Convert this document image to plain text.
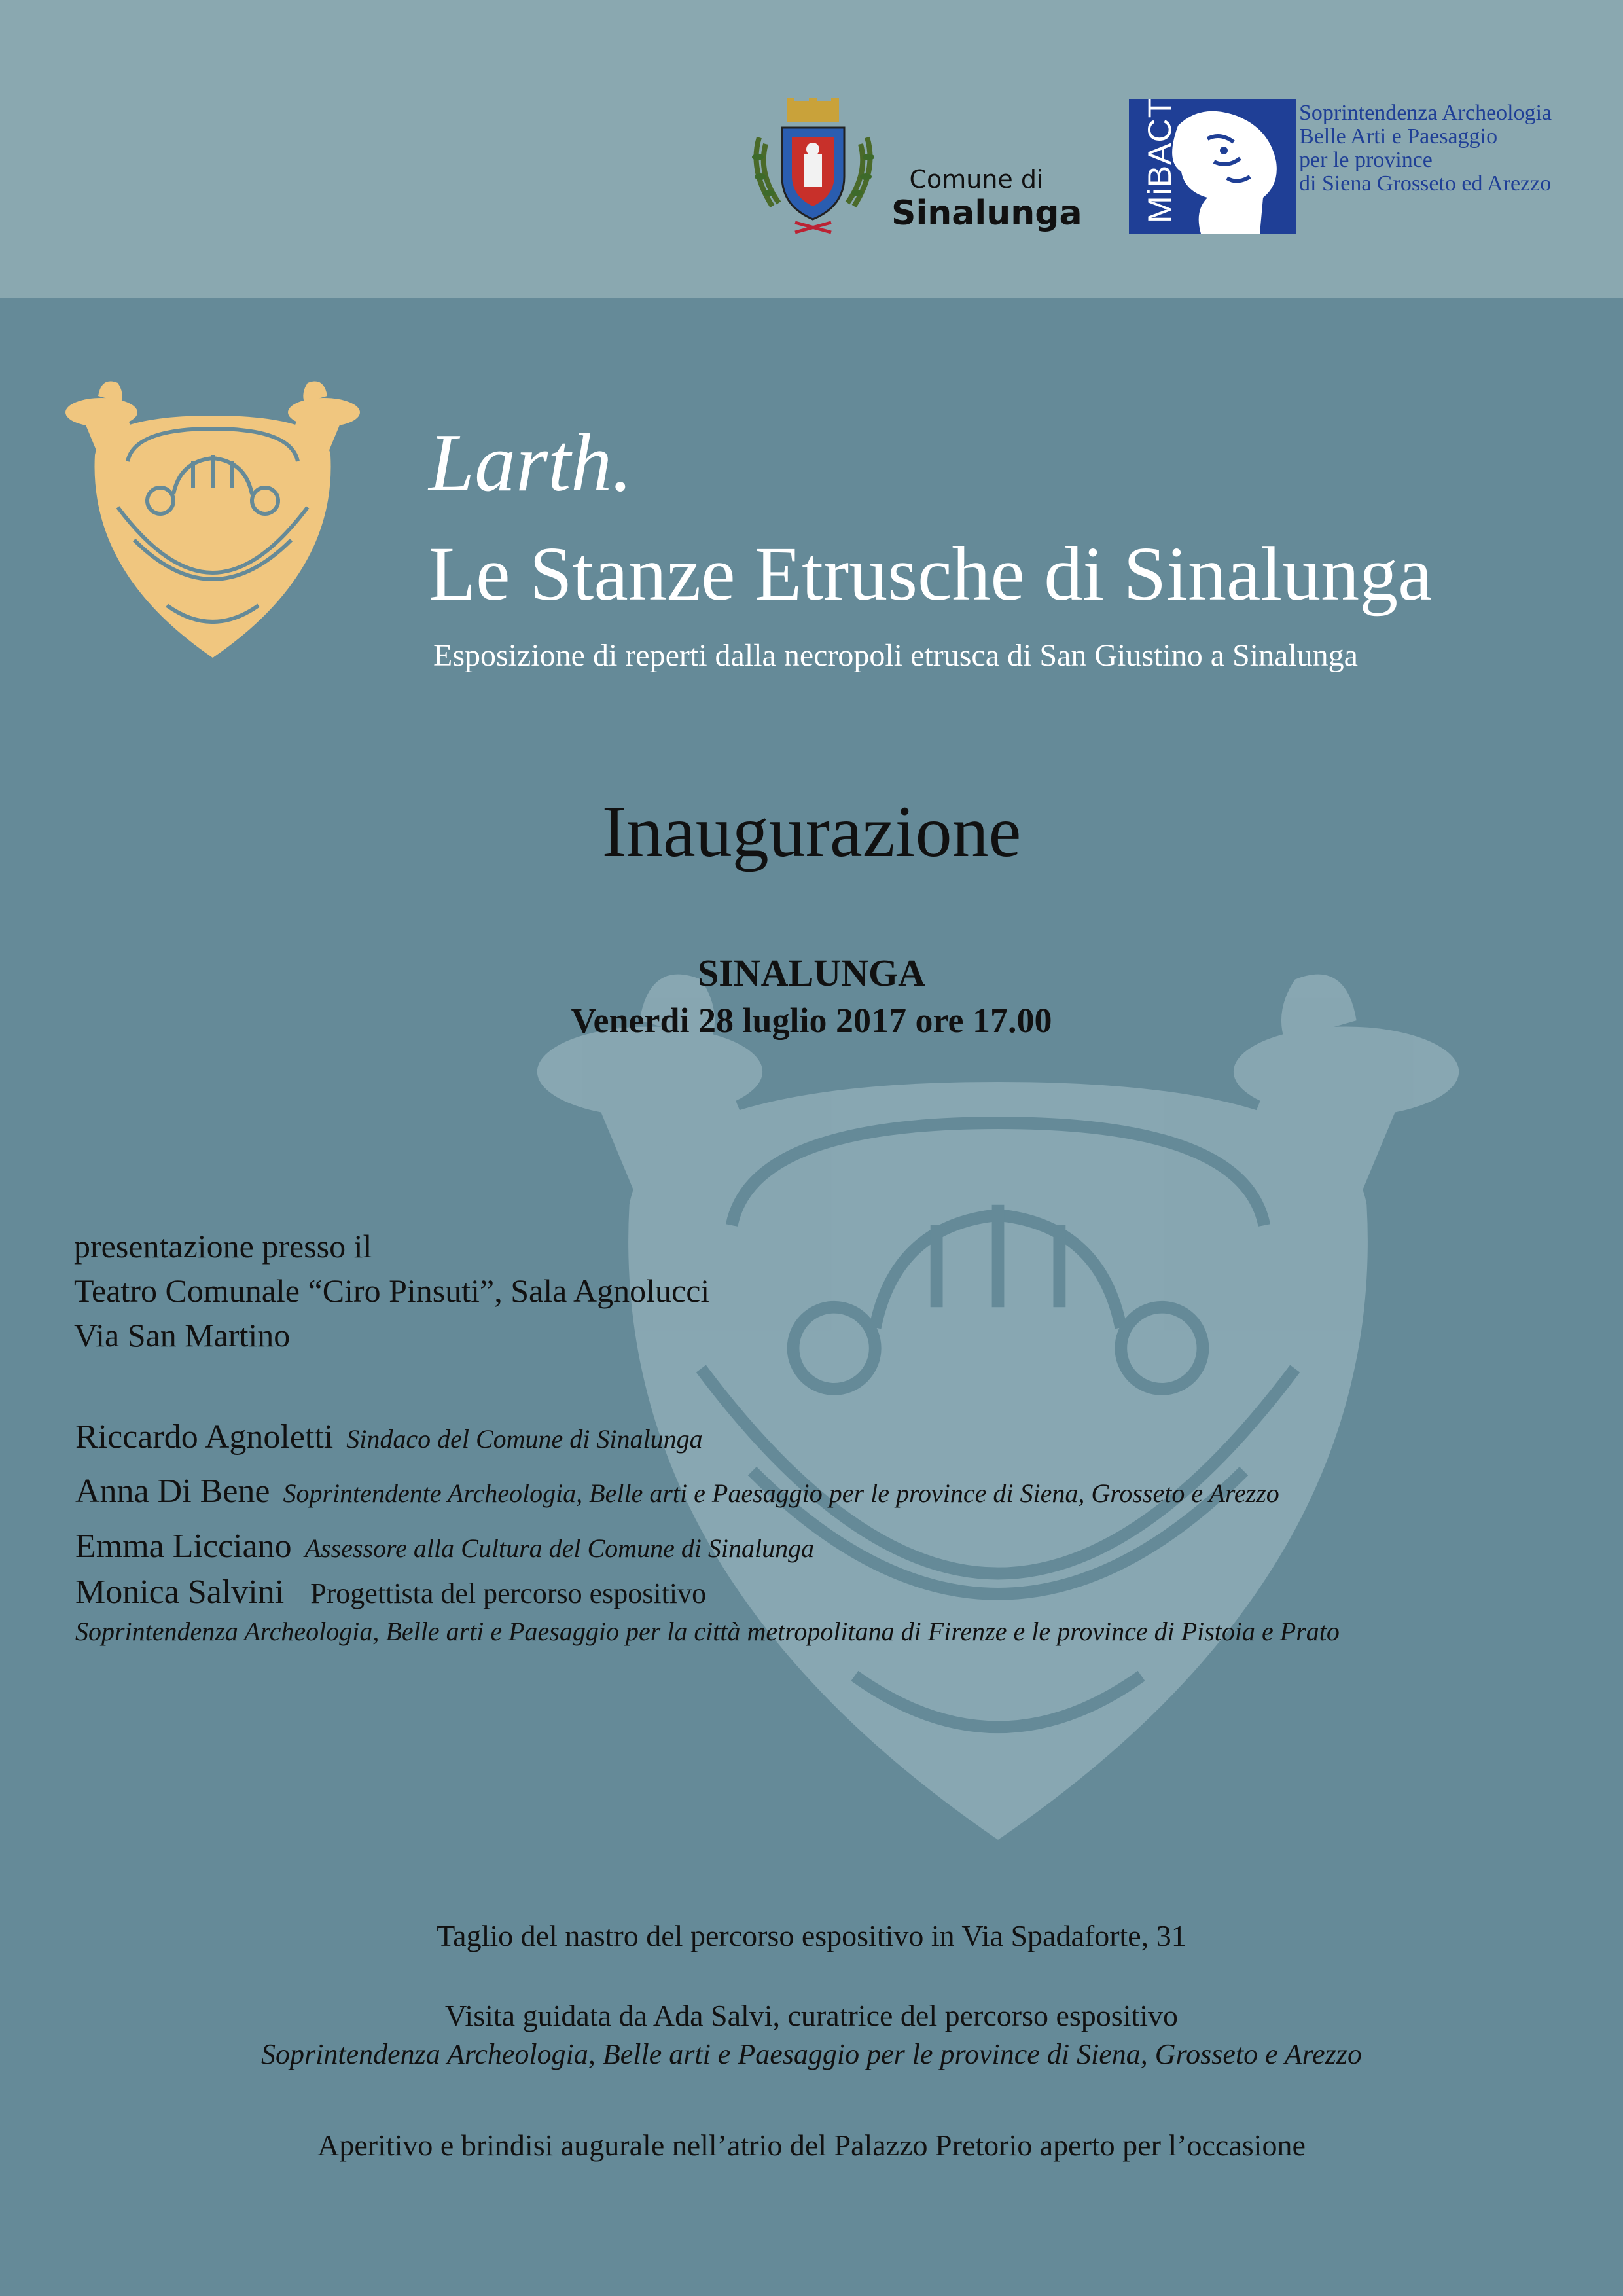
Comune di
Sinalunga MiBACT	Soprintendenza Archeologia
Belle Arti e Paesaggio
per le province
di Siena Grosseto ed Arezzo
Larth.
Le Stanze Etrusche di Sinalunga
Esposizione di reperti dalla necropoli etrusca di San Giustino a Sinalunga
Inaugurazione
SINALUNGA
Venerdi 28 luglio 2017 ore 17.00
presentazione presso il
Teatro Comunale “Ciro Pinsuti”, Sala Agnolucci
Via San Martino
Riccardo Agnoletti Sindaco del Comune di Sinalunga
Anna Di Bene Soprintendente Archeologia, Belle arti e Paesaggio per le province di Siena, Grosseto e Arezzo
Emma Licciano Assessore alla Cultura del Comune di Sinalunga
Monica Salvini Progettista del percorso espositivo
Soprintendenza Archeologia, Belle arti e Paesaggio per la città metropolitana di Firenze e le province di Pistoia e Prato
Taglio del nastro del percorso espositivo in Via Spadaforte, 31
Visita guidata da Ada Salvi, curatrice del percorso espositivo
Soprintendenza Archeologia, Belle arti e Paesaggio per le province di Siena, Grosseto e Arezzo
Aperitivo e brindisi augurale nell’atrio del Palazzo Pretorio aperto per l’occasione
